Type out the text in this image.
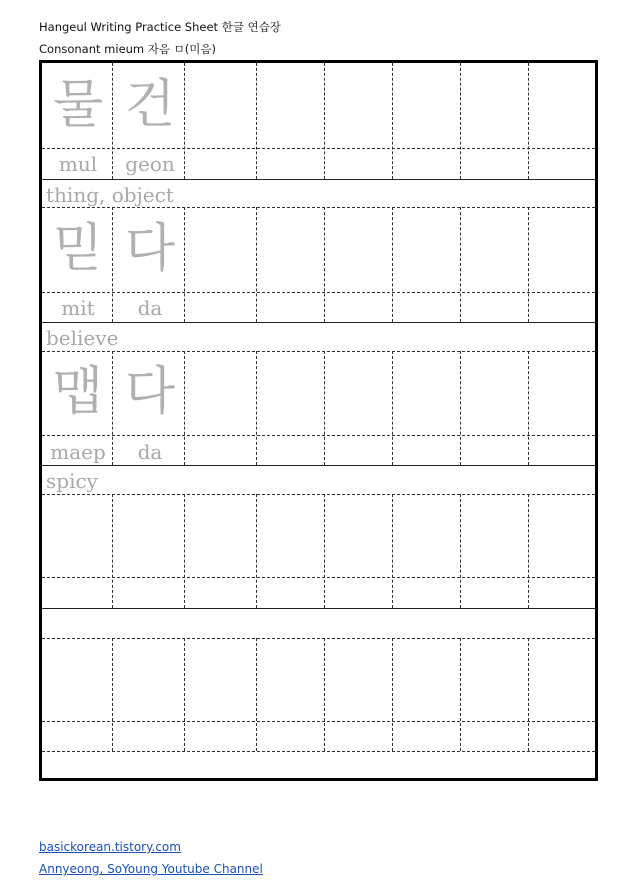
Hangeul Writing Practice Sheet 한글 연습장
Consonant mieum 자음 ㅁ(미음)
물 건
mul	geon
thing, object
믿 다
mit	da
believe
맵 다
maep	da
spicy
basickorean.tistory.com
Annyeong, SoYoung Youtube Channel
